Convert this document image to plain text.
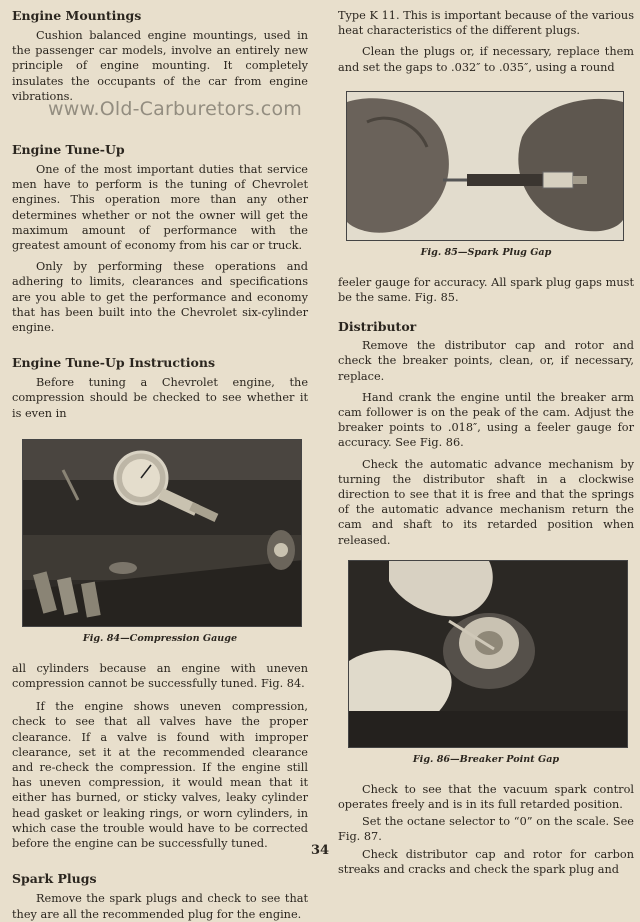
www.Old-Carburetors.com
Engine Mountings

Cushion balanced engine mountings, used in the passenger car models, involve an entirely new principle of engine mounting. It completely insulates the occupants of the car from engine vibrations.

Engine Tune-Up

One of the most important duties that service men have to perform is the tuning of Chevrolet engines. This operation more than any other determines whether or not the owner will get the maximum amount of performance with the greatest amount of economy from his car or truck.

Only by performing these operations and adhering to limits, clearances and specifications are you able to get the performance and economy that has been built into the Chevrolet six-cylinder engine.

Engine Tune-Up Instructions

Before tuning a Chevrolet engine, the compression should be checked to see whether it is even in

Fig. 84—Compression Gauge

all cylinders because an engine with uneven compression cannot be successfully tuned. Fig. 84.

If the engine shows uneven compression, check to see that all valves have the proper clearance. If a valve is found with improper clearance, set it at the recommended clearance and re-check the compression. If the engine still has uneven compression, it would mean that it either has burned, or sticky valves, leaky cylinder head gasket or leaking rings, or worn cylinders, in which case the trouble would have to be corrected before the engine can be successfully tuned.

Spark Plugs

Remove the spark plugs and check to see that they are all the recommended plug for the engine.

Type K 11. This is important because of the various heat characteristics of the different plugs.

Clean the plugs or, if necessary, replace them and set the gaps to .032″ to .035″, using a round

Fig. 85—Spark Plug Gap

feeler gauge for accuracy. All spark plug gaps must be the same. Fig. 85.

Distributor

Remove the distributor cap and rotor and check the breaker points, clean, or, if necessary, replace.

Hand crank the engine until the breaker arm cam follower is on the peak of the cam. Adjust the breaker points to .018″, using a feeler gauge for accuracy. See Fig. 86.

Check the automatic advance mechanism by turning the distributor shaft in a clockwise direction to see that it is free and that the springs of the automatic advance mechanism return the cam and shaft to its retarded position when released.

Fig. 86—Breaker Point Gap

Check to see that the vacuum spark control operates freely and is in its full retarded position.

Set the octane selector to “0” on the scale. See Fig. 87.

Check distributor cap and rotor for carbon streaks and cracks and check the spark plug and

34
